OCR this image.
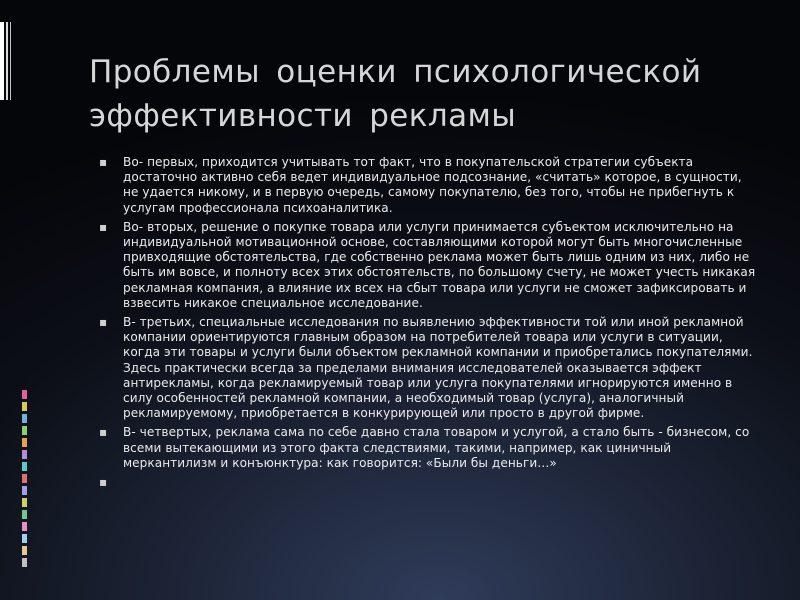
Проблемы оценки психологической эффективности рекламы
▪	Во- первых, приходится учитывать тот факт, что в покупательской стратегии субъекта достаточно активно себя ведет индивидуальное подсознание, «считать» которое, в сущности, не удается никому, и в первую очередь, самому покупателю, без того, чтобы не прибегнуть к услугам профессионала психоаналитика.
▪	Во- вторых, решение о покупке товара или услуги принимается субъектом исключительно на индивидуальной мотивационной основе, составляющими которой могут быть многочисленные привходящие обстоятельства, где собственно реклама может быть лишь одним из них, либо не быть им вовсе, и полноту всех этих обстоятельств, по большому счету, не может учесть никакая рекламная компания, а влияние их всех на сбыт товара или услуги не сможет зафиксировать и взвесить никакое специальное исследование.
▪	В- третьих, специальные исследования по выявлению эффективности той или иной рекламной компании ориентируются главным образом на потребителей товара или услуги в ситуации, когда эти товары и услуги были объектом рекламной компании и приобретались покупателями. Здесь практически всегда за пределами внимания исследователей оказывается эффект антирекламы, когда рекламируемый товар или услуга покупателями игнорируются именно в силу особенностей рекламной компании, а необходимый товар (услуга), аналогичный рекламируемому, приобретается в конкурирующей или просто в другой фирме.
▪	В- четвертых, реклама сама по себе давно стала товаром и услугой, а стало быть - бизнесом, со всеми вытекающими из этого факта следствиями, такими, например, как циничный меркантилизм и конъюнктура: как говорится: «Были бы деньги…»
▪
